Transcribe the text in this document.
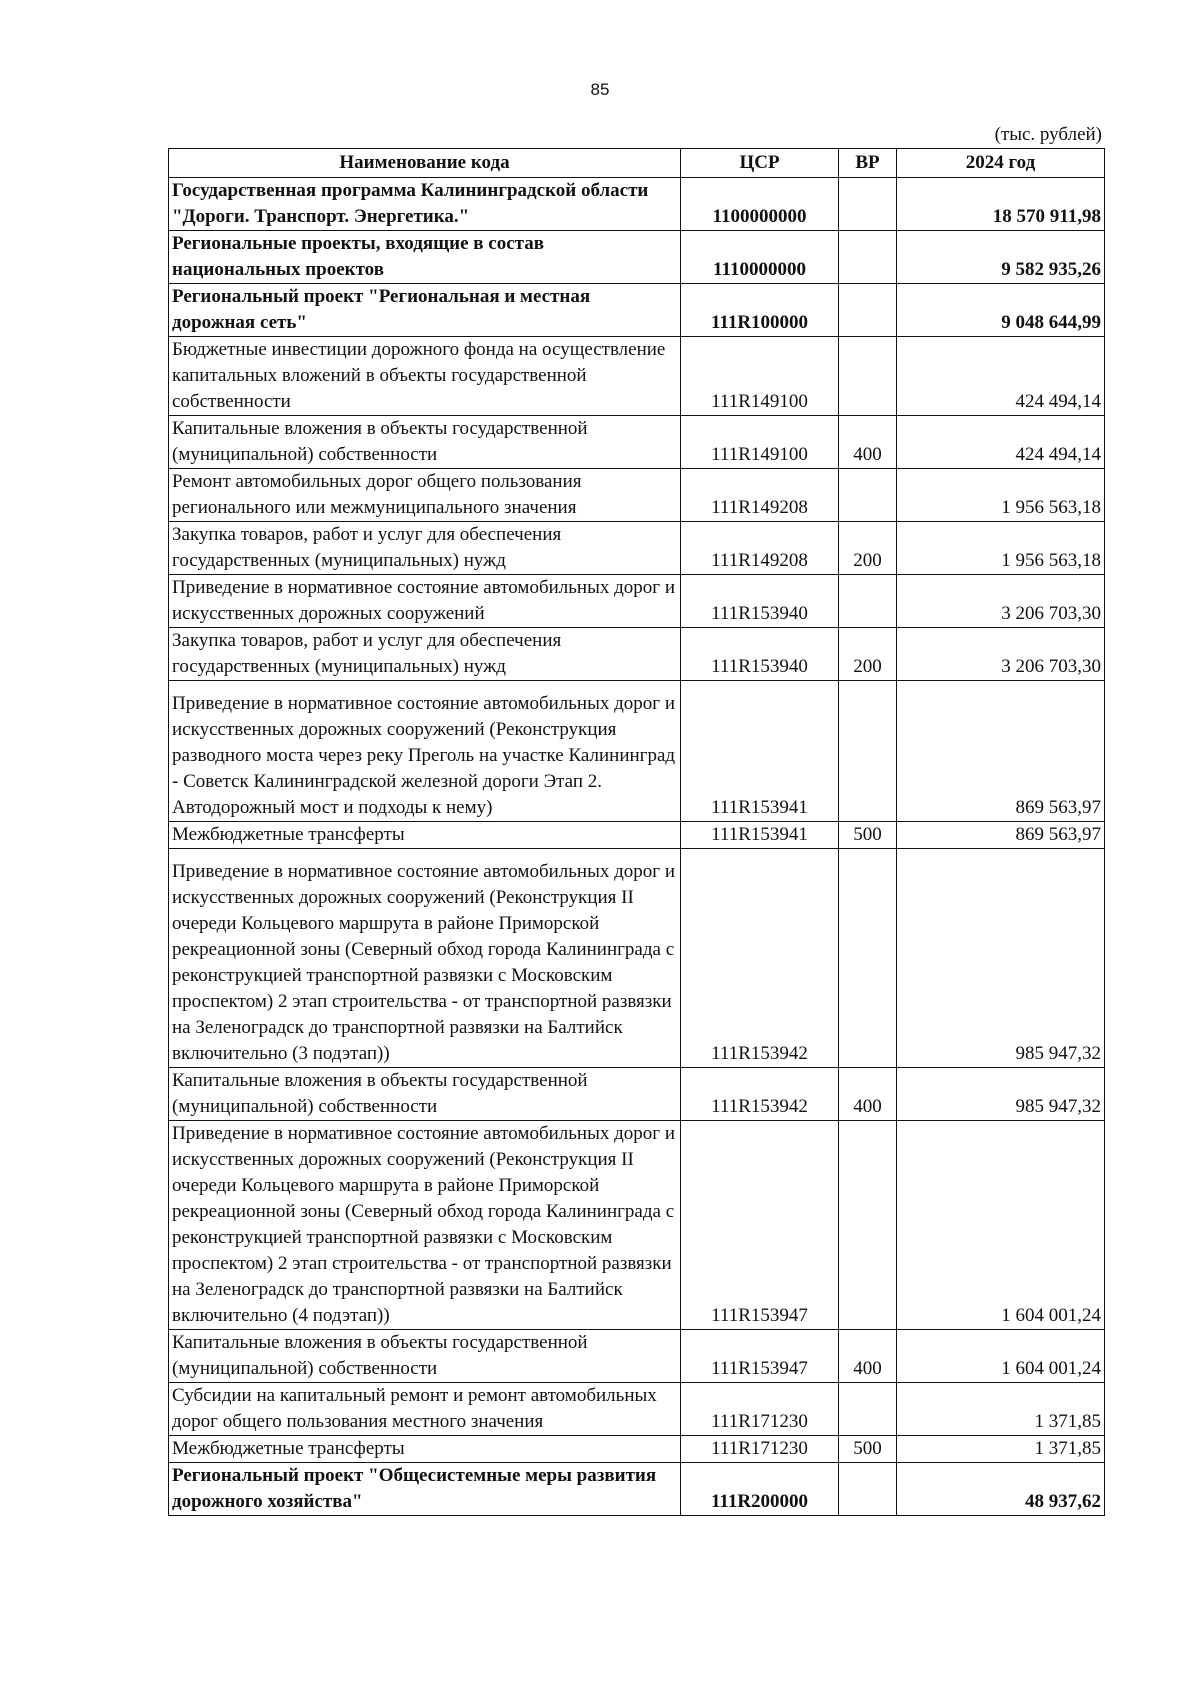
85
(тыс. рублей)
Наименование кода	ЦСР	ВР	2024 год
Государственная программа Калининградской области "Дороги. Транспорт. Энергетика."	1100000000		18 570 911,98
Региональные проекты, входящие в состав национальных проектов	1110000000		9 582 935,26
Региональный проект "Региональная и местная дорожная сеть"	111R100000		9 048 644,99
Бюджетные инвестиции дорожного фонда на осуществление капитальных вложений в объекты государственной собственности	111R149100		424 494,14
Капитальные вложения в объекты государственной (муниципальной) собственности	111R149100	400	424 494,14
Ремонт автомобильных дорог общего пользования регионального или межмуниципального значения	111R149208		1 956 563,18
Закупка товаров, работ и услуг для обеспечения государственных (муниципальных) нужд	111R149208	200	1 956 563,18
Приведение в нормативное состояние автомобильных дорог и искусственных дорожных сооружений	111R153940		3 206 703,30
Закупка товаров, работ и услуг для обеспечения государственных (муниципальных) нужд	111R153940	200	3 206 703,30
Приведение в нормативное состояние автомобильных дорог и искусственных дорожных сооружений (Реконструкция разводного моста через реку Преголь на участке Калининград - Советск Калининградской железной дороги Этап 2. Автодорожный мост и подходы к нему)	111R153941		869 563,97
Межбюджетные трансферты	111R153941	500	869 563,97
Приведение в нормативное состояние автомобильных дорог и искусственных дорожных сооружений (Реконструкция II очереди Кольцевого маршрута в районе Приморской рекреационной зоны (Северный обход города Калининграда с реконструкцией транспортной развязки с Московским проспектом) 2 этап строительства - от транспортной развязки на Зеленоградск до транспортной развязки на Балтийск включительно (3 подэтап))	111R153942		985 947,32
Капитальные вложения в объекты государственной (муниципальной) собственности	111R153942	400	985 947,32
Приведение в нормативное состояние автомобильных дорог и искусственных дорожных сооружений (Реконструкция II очереди Кольцевого маршрута в районе Приморской рекреационной зоны (Северный обход города Калининграда с реконструкцией транспортной развязки с Московским проспектом) 2 этап строительства - от транспортной развязки на Зеленоградск до транспортной развязки на Балтийск включительно (4 подэтап))	111R153947		1 604 001,24
Капитальные вложения в объекты государственной (муниципальной) собственности	111R153947	400	1 604 001,24
Субсидии на капитальный ремонт и ремонт автомобильных дорог общего пользования местного значения	111R171230		1 371,85
Межбюджетные трансферты	111R171230	500	1 371,85
Региональный проект "Общесистемные меры развития дорожного хозяйства"	111R200000		48 937,62
